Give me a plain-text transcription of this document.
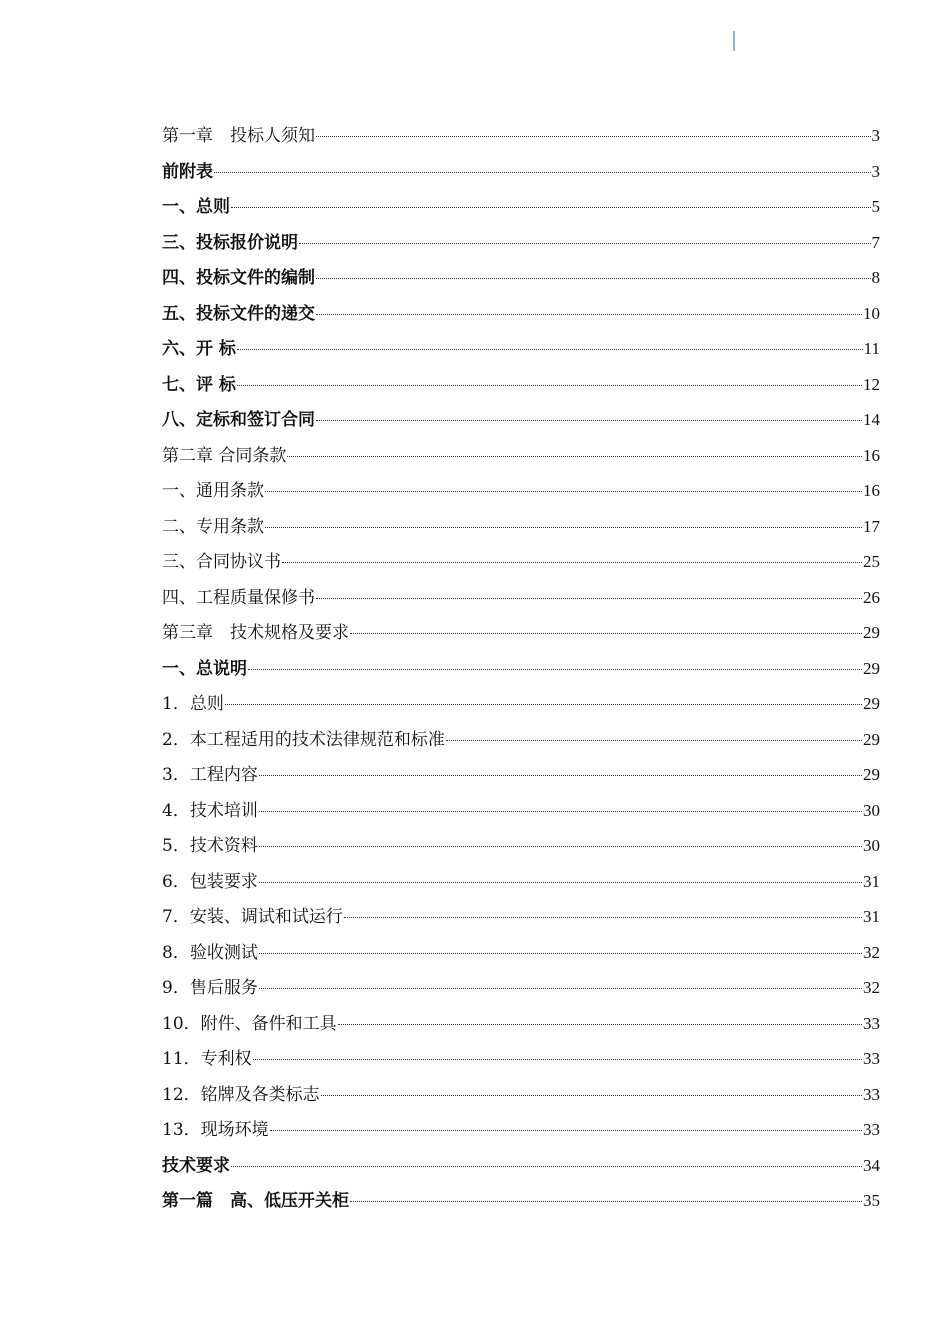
第一章　投标人须知	3
前附表	3
一、总则	5
三、投标报价说明	7
四、投标文件的编制	8
五、投标文件的递交	10
六、开 标	11
七、评 标	12
八、定标和签订合同	14
第二章 合同条款	16
一、通用条款	16
二、专用条款	17
三、合同协议书	25
四、工程质量保修书	26
第三章　技术规格及要求	29
一、总说明	29
1．总则	29
2．本工程适用的技术法律规范和标准	29
3．工程内容	29
4．技术培训	30
5．技术资料	30
6．包装要求	31
7．安装、调试和试运行	31
8．验收测试	32
9．售后服务	32
10．附件、备件和工具	33
11．专利权	33
12．铭牌及各类标志	33
13．现场环境	33
技术要求	34
第一篇　高、低压开关柜	35
